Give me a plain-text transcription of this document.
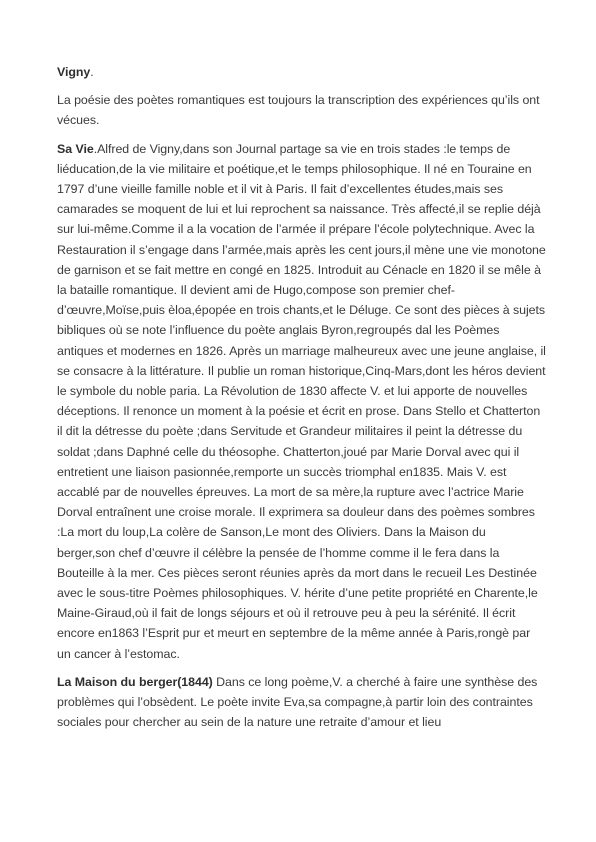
Vigny.

La poésie des poètes romantiques est toujours la transcription des expériences qu’ils ont vécues.

Sa Vie.Alfred de Vigny,dans son Journal partage sa vie en trois stades :le temps de liéducation,de la vie militaire et poétique,et le temps philosophique. Il né en Touraine en 1797 d’une vieille famille noble et il vit à Paris. Il fait d’excellentes études,mais ses camarades se moquent de lui et lui reprochent sa naissance. Très affecté,il se replie déjà sur lui-même.Comme il a la vocation de l’armée il prépare l’école polytechnique. Avec la Restauration il s’engage dans l’armée,mais après les cent jours,il mène une vie monotone de garnison et se fait mettre en congé en 1825. Introduit au Cénacle en 1820 il se mêle à la bataille romantique. Il devient ami de Hugo,compose son premier chef-d’œuvre,Moïse,puis èloa,épopée en trois chants,et le Déluge. Ce sont des pièces à sujets bibliques où se note l’influence du poète anglais Byron,regroupés dal les Poèmes antiques et modernes en 1826. Après un marriage malheureux avec une jeune anglaise, il se consacre à la littérature. Il publie un roman historique,Cinq-Mars,dont les héros devient le symbole du noble paria. La Révolution de 1830 affecte V. et lui apporte de nouvelles déceptions. Il renonce un moment à la poésie et écrit en prose. Dans Stello et Chatterton il dit la détresse du poète ;dans Servitude et Grandeur militaires il peint la détresse du soldat ;dans Daphné celle du théosophe. Chatterton,joué par Marie Dorval avec qui il entretient une liaison pasionnée,remporte un succès triomphal en1835. Mais V. est accablé par de nouvelles épreuves. La mort de sa mère,la rupture avec l’actrice Marie Dorval entraînent une croise morale. Il exprimera sa douleur dans des poèmes sombres :La mort du loup,La colère de Sanson,Le mont des Oliviers. Dans la Maison du berger,son chef d’œuvre il célèbre la pensée de l’homme comme il le fera dans la Bouteille à la mer. Ces pièces seront réunies après da mort dans le recueil Les Destinée avec le sous-titre Poèmes philosophiques. V. hérite d’une petite propriété en Charente,le Maine-Giraud,où il fait de longs séjours et où il retrouve peu à peu la sérénité. Il écrit encore en1863 l’Esprit pur et meurt en septembre de la même année à Paris,rongè par un cancer à l’estomac.

La Maison du berger(1844) Dans ce long poème,V. a cherché à faire une synthèse des problèmes qui l’obsèdent. Le poète invite Eva,sa compagne,à partir loin des contraintes sociales pour chercher au sein de la nature une retraite d’amour et lieu
